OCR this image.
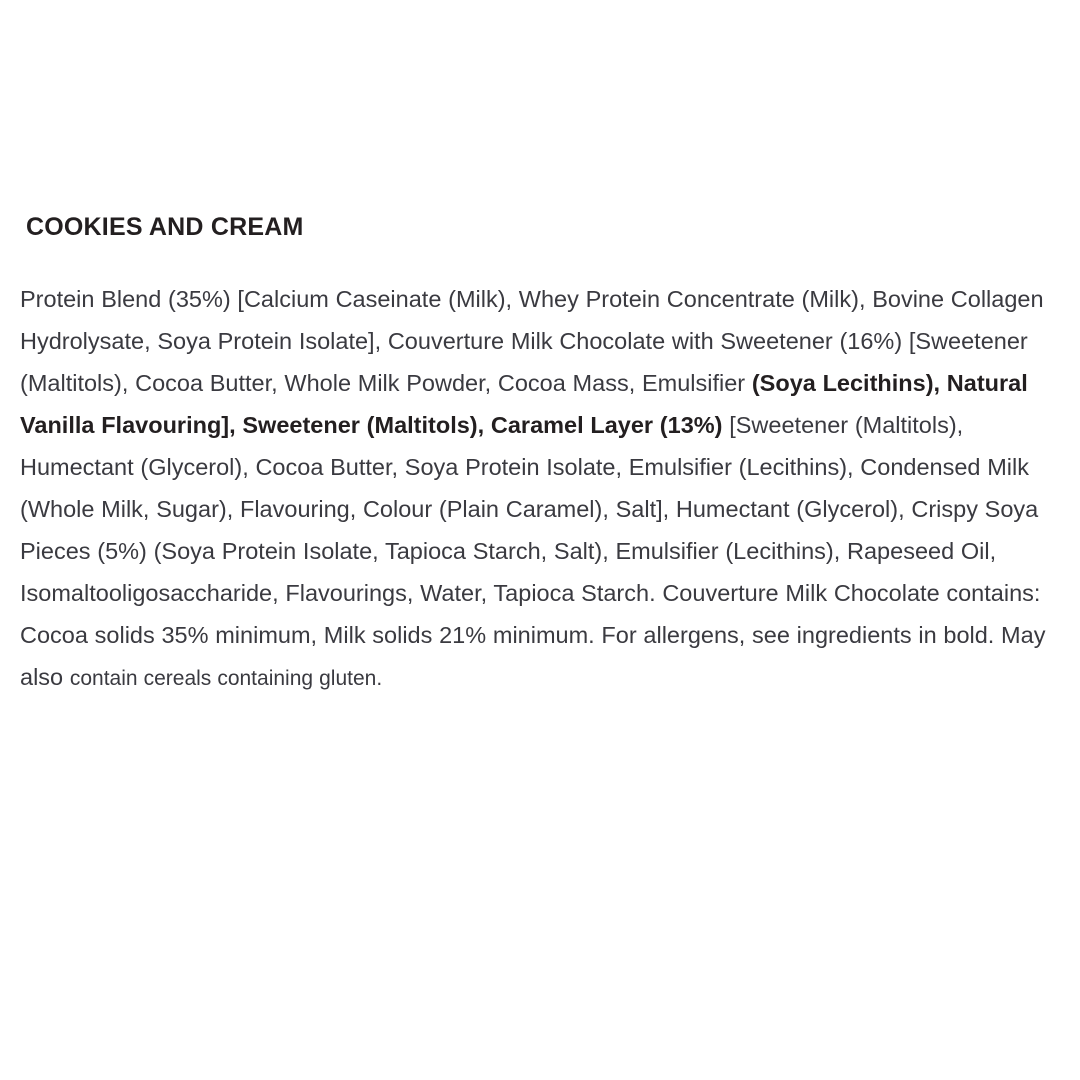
COOKIES AND CREAM

Protein Blend (35%) [Calcium Caseinate (Milk), Whey Protein Concentrate (Milk), Bovine Collagen Hydrolysate, Soya Protein Isolate], Couverture Milk Chocolate with Sweetener (16%) [Sweetener (Maltitols), Cocoa Butter, Whole Milk Powder, Cocoa Mass, Emulsifier (Soya Lecithins), Natural Vanilla Flavouring], Sweetener (Maltitols), Caramel Layer (13%) [Sweetener (Maltitols), Humectant (Glycerol), Cocoa Butter, Soya Protein Isolate, Emulsifier (Lecithins), Condensed Milk (Whole Milk, Sugar), Flavouring, Colour (Plain Caramel), Salt], Humectant (Glycerol), Crispy Soya Pieces (5%) (Soya Protein Isolate, Tapioca Starch, Salt), Emulsifier (Lecithins), Rapeseed Oil, Isomaltooligosaccharide, Flavourings, Water, Tapioca Starch. Couverture Milk Chocolate contains: Cocoa solids 35% minimum, Milk solids 21% minimum. For allergens, see ingredients in bold. May also contain cereals containing gluten.
